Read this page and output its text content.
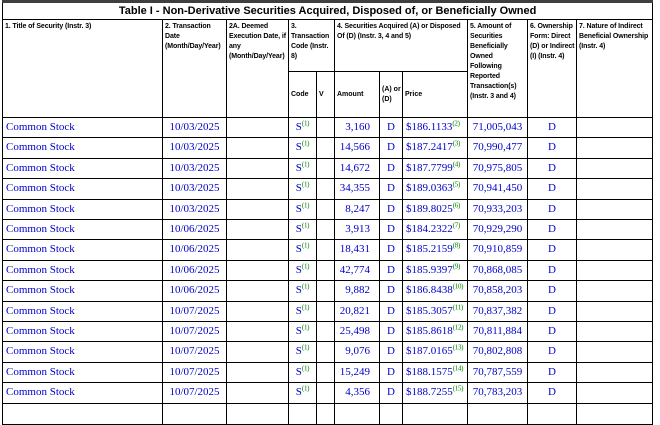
Table I - Non-Derivative Securities Acquired, Disposed of, or Beneficially Owned										
1. Title of Security (Instr. 3)	2. Transaction Date (Month/Day/Year)	2A. Deemed Execution Date, if any (Month/Day/Year)	3. Transaction Code (Instr. 8)		4. Securities Acquired (A) or Disposed Of (D) (Instr. 3, 4 and 5)			5. Amount of Securities Beneficially Owned Following Reported Transaction(s) (Instr. 3 and 4)	6. Ownership Form: Direct (D) or Indirect (I) (Instr. 4)	7. Nature of Indirect Beneficial Ownership (Instr. 4)
			Code	V	Amount	(A) or (D)	Price			
Common Stock	10/03/2025		S$^{(1)}$		3,160	D	$186.1133$^{(2)}$	71,005,043	D	
Common Stock	10/03/2025		S$^{(1)}$		14,566	D	$187.2417$^{(3)}$	70,990,477	D	
Common Stock	10/03/2025		S$^{(1)}$		14,672	D	$187.7799$^{(4)}$	70,975,805	D	
Common Stock	10/03/2025		S$^{(1)}$		34,355	D	$189.0363$^{(5)}$	70,941,450	D	
Common Stock	10/03/2025		S$^{(1)}$		8,247	D	$189.8025$^{(6)}$	70,933,203	D	
Common Stock	10/06/2025		S$^{(1)}$		3,913	D	$184.2322$^{(7)}$	70,929,290	D	
Common Stock	10/06/2025		S$^{(1)}$		18,431	D	$185.2159$^{(8)}$	70,910,859	D	
Common Stock	10/06/2025		S$^{(1)}$		42,774	D	$185.9397$^{(9)}$	70,868,085	D	
Common Stock	10/06/2025		S$^{(1)}$		9,882	D	$186.8438$^{(10)}$	70,858,203	D	
Common Stock	10/07/2025		S$^{(1)}$		20,821	D	$185.3057$^{(11)}$	70,837,382	D	
Common Stock	10/07/2025		S$^{(1)}$		25,498	D	$185.8618$^{(12)}$	70,811,884	D	
Common Stock	10/07/2025		S$^{(1)}$		9,076	D	$187.0165$^{(13)}$	70,802,808	D	
Common Stock	10/07/2025		S$^{(1)}$		15,249	D	$188.1575$^{(14)}$	70,787,559	D	
Common Stock	10/07/2025		S$^{(1)}$		4,356	D	$188.7255$^{(15)}$	70,783,203	D	
